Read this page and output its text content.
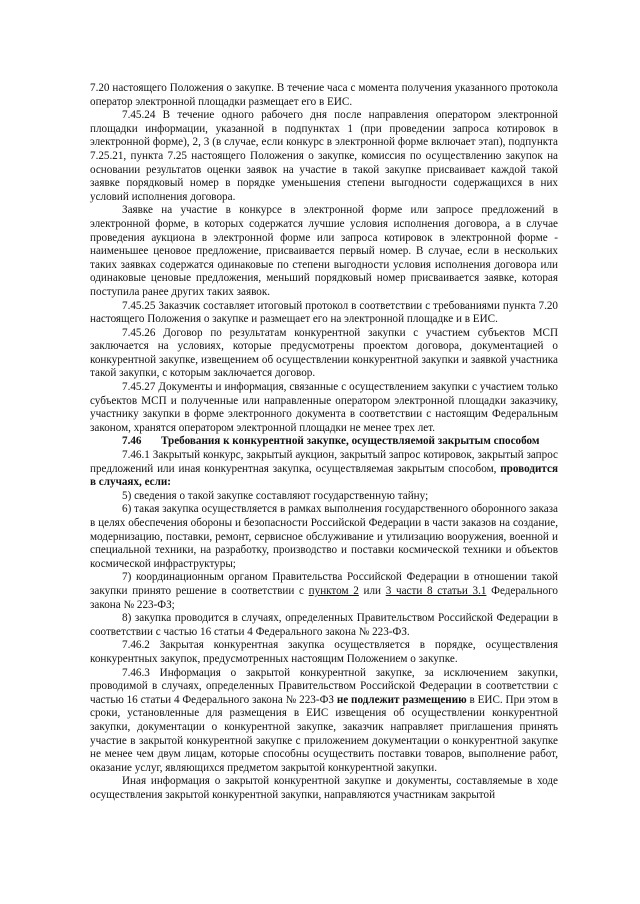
7.20 настоящего Положения о закупке. В течение часа с момента получения указанного протокола оператор электронной площадки размещает его в ЕИС.

7.45.24 В течение одного рабочего дня после направления оператором электронной площадки информации, указанной в подпунктах 1 (при проведении запроса котировок в электронной форме), 2, 3 (в случае, если конкурс в электронной форме включает этап), подпункта 7.25.21, пункта 7.25 настоящего Положения о закупке, комиссия по осуществлению закупок на основании результатов оценки заявок на участие в такой закупке присваивает каждой такой заявке порядковый номер в порядке уменьшения степени выгодности содержащихся в них условий исполнения договора.

Заявке на участие в конкурсе в электронной форме или запросе предложений в электронной форме, в которых содержатся лучшие условия исполнения договора, а в случае проведения аукциона в электронной форме или запроса котировок в электронной форме - наименьшее ценовое предложение, присваивается первый номер. В случае, если в нескольких таких заявках содержатся одинаковые по степени выгодности условия исполнения договора или одинаковые ценовые предложения, меньший порядковый номер присваивается заявке, которая поступила ранее других таких заявок.

7.45.25 Заказчик составляет итоговый протокол в соответствии с требованиями пункта 7.20 настоящего Положения о закупке и размещает его на электронной площадке и в ЕИС.

7.45.26 Договор по результатам конкурентной закупки с участием субъектов МСП заключается на условиях, которые предусмотрены проектом договора, документацией о конкурентной закупке, извещением об осуществлении конкурентной закупки и заявкой участника такой закупки, с которым заключается договор.

7.45.27 Документы и информация, связанные с осуществлением закупки с участием только субъектов МСП и полученные или направленные оператором электронной площадки заказчику, участнику закупки в форме электронного документа в соответствии с настоящим Федеральным законом, хранятся оператором электронной площадки не менее трех лет.

7.46 Требования к конкурентной закупке, осуществляемой закрытым способом

7.46.1 Закрытый конкурс, закрытый аукцион, закрытый запрос котировок, закрытый запрос предложений или иная конкурентная закупка, осуществляемая закрытым способом, проводится в случаях, если:

5) сведения о такой закупке составляют государственную тайну;

6) такая закупка осуществляется в рамках выполнения государственного оборонного заказа в целях обеспечения обороны и безопасности Российской Федерации в части заказов на создание, модернизацию, поставки, ремонт, сервисное обслуживание и утилизацию вооружения, военной и специальной техники, на разработку, производство и поставки космической техники и объектов космической инфраструктуры;

7) координационным органом Правительства Российской Федерации в отношении такой закупки принято решение в соответствии с пунктом 2 или 3 части 8 статьи 3.1 Федерального закона № 223-ФЗ;

8) закупка проводится в случаях, определенных Правительством Российской Федерации в соответствии с частью 16 статьи 4 Федерального закона № 223-ФЗ.

7.46.2 Закрытая конкурентная закупка осуществляется в порядке, осуществления конкурентных закупок, предусмотренных настоящим Положением о закупке.

7.46.3 Информация о закрытой конкурентной закупке, за исключением закупки, проводимой в случаях, определенных Правительством Российской Федерации в соответствии с частью 16 статьи 4 Федерального закона № 223-ФЗ не подлежит размещению в ЕИС. При этом в сроки, установленные для размещения в ЕИС извещения об осуществлении конкурентной закупки, документации о конкурентной закупке, заказчик направляет приглашения принять участие в закрытой конкурентной закупке с приложением документации о конкурентной закупке не менее чем двум лицам, которые способны осуществить поставки товаров, выполнение работ, оказание услуг, являющихся предметом закрытой конкурентной закупки.

Иная информация о закрытой конкурентной закупке и документы, составляемые в ходе осуществления закрытой конкурентной закупки, направляются участникам закрытой
